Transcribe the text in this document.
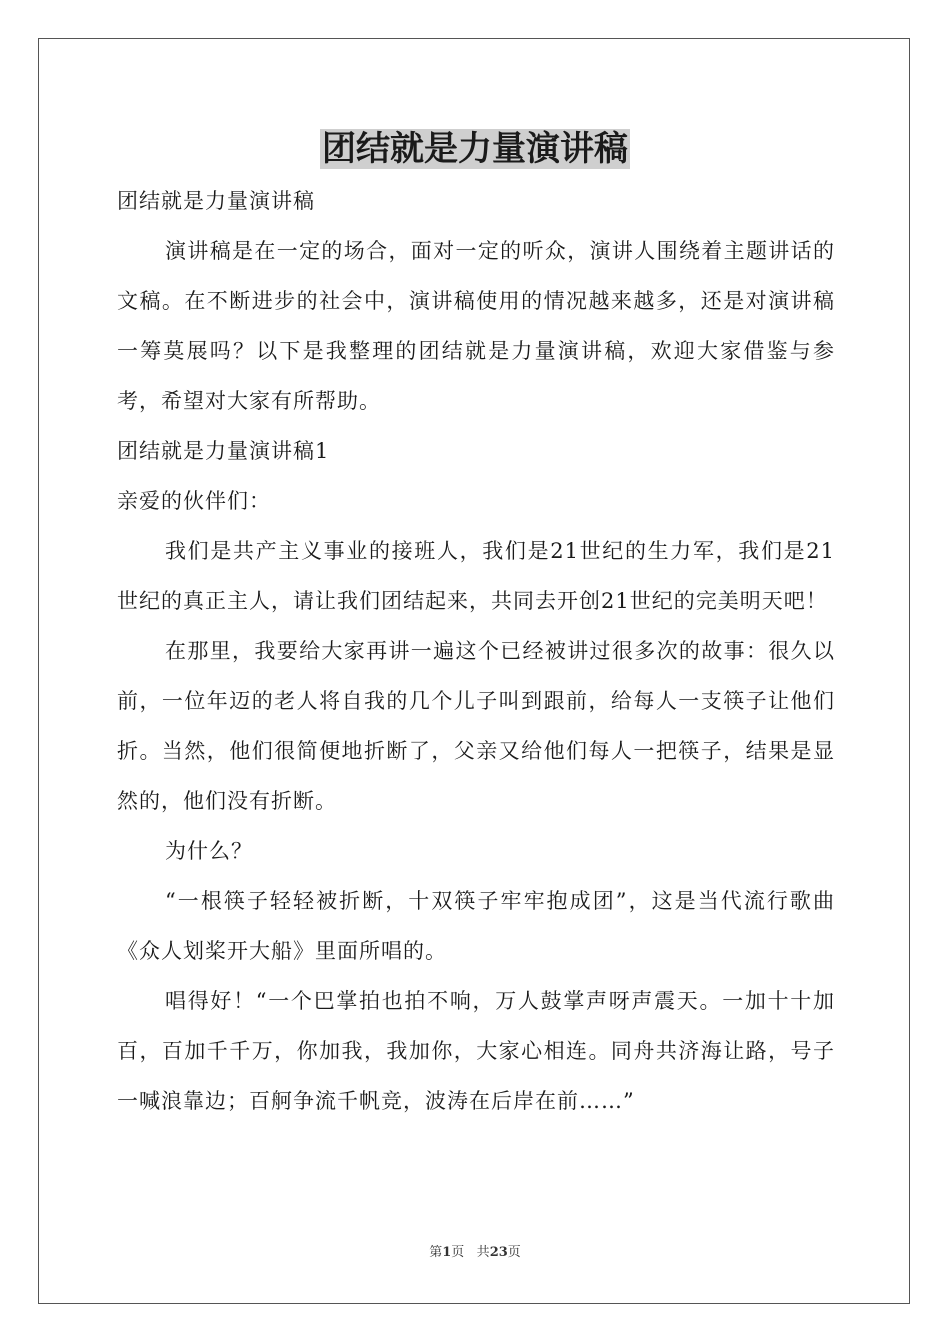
团结就是力量演讲稿

团结就是力量演讲稿

演讲稿是在一定的场合，面对一定的听众，演讲人围绕着主题讲话的文稿。在不断进步的社会中，演讲稿使用的情况越来越多，还是对演讲稿一筹莫展吗？以下是我整理的团结就是力量演讲稿，欢迎大家借鉴与参考，希望对大家有所帮助。

团结就是力量演讲稿1

亲爱的伙伴们：

我们是共产主义事业的接班人，我们是21世纪的生力军，我们是21世纪的真正主人，请让我们团结起来，共同去开创21世纪的完美明天吧！

在那里，我要给大家再讲一遍这个已经被讲过很多次的故事：很久以前，一位年迈的老人将自我的几个儿子叫到跟前，给每人一支筷子让他们折。当然，他们很简便地折断了，父亲又给他们每人一把筷子，结果是显然的，他们没有折断。

为什么？

“一根筷子轻轻被折断，十双筷子牢牢抱成团”，这是当代流行歌曲《众人划桨开大船》里面所唱的。

唱得好！“一个巴掌拍也拍不响，万人鼓掌声呀声震天。一加十十加百，百加千千万，你加我，我加你，大家心相连。同舟共济海让路，号子一喊浪靠边；百舸争流千帆竞，波涛在后岸在前……”

第1页 共23页
